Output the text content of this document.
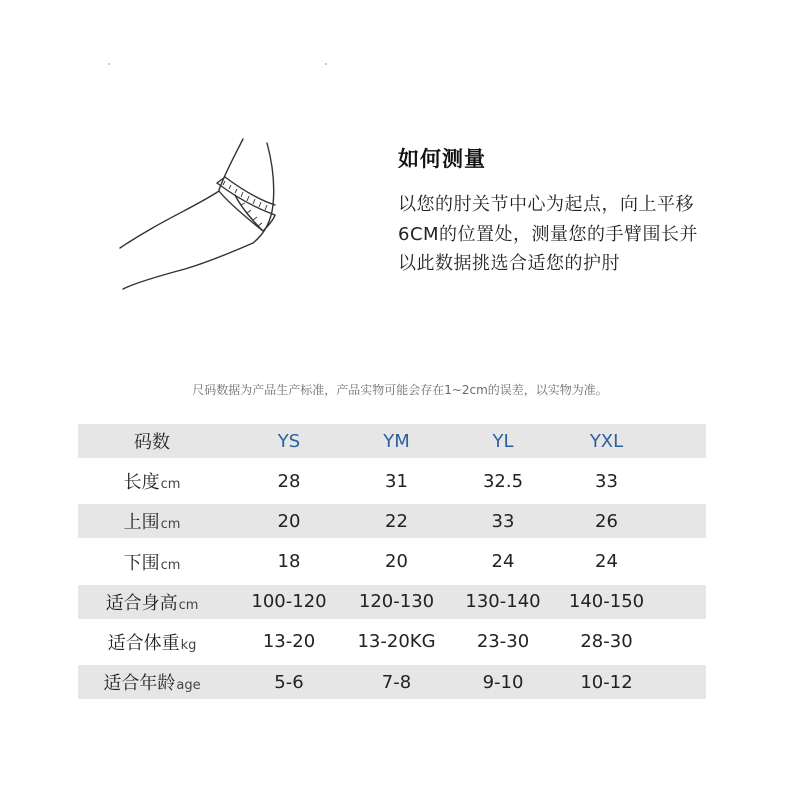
如何测量
以您的肘关节中心为起点，向上平移6CM的位置处，测量您的手臂围长并以此数据挑选合适您的护肘
尺码数据为产品生产标准，产品实物可能会存在1~2cm的误差，以实物为准。
码数	YS	YM	YL	YXL
长度cm	28	31	32.5	33
上围cm	20	22	33	26
下围cm	18	20	24	24
适合身高cm	100-120	120-130	130-140	140-150
适合体重kg	13-20	13-20KG	23-30	28-30
适合年龄age	5-6	7-8	9-10	10-12
